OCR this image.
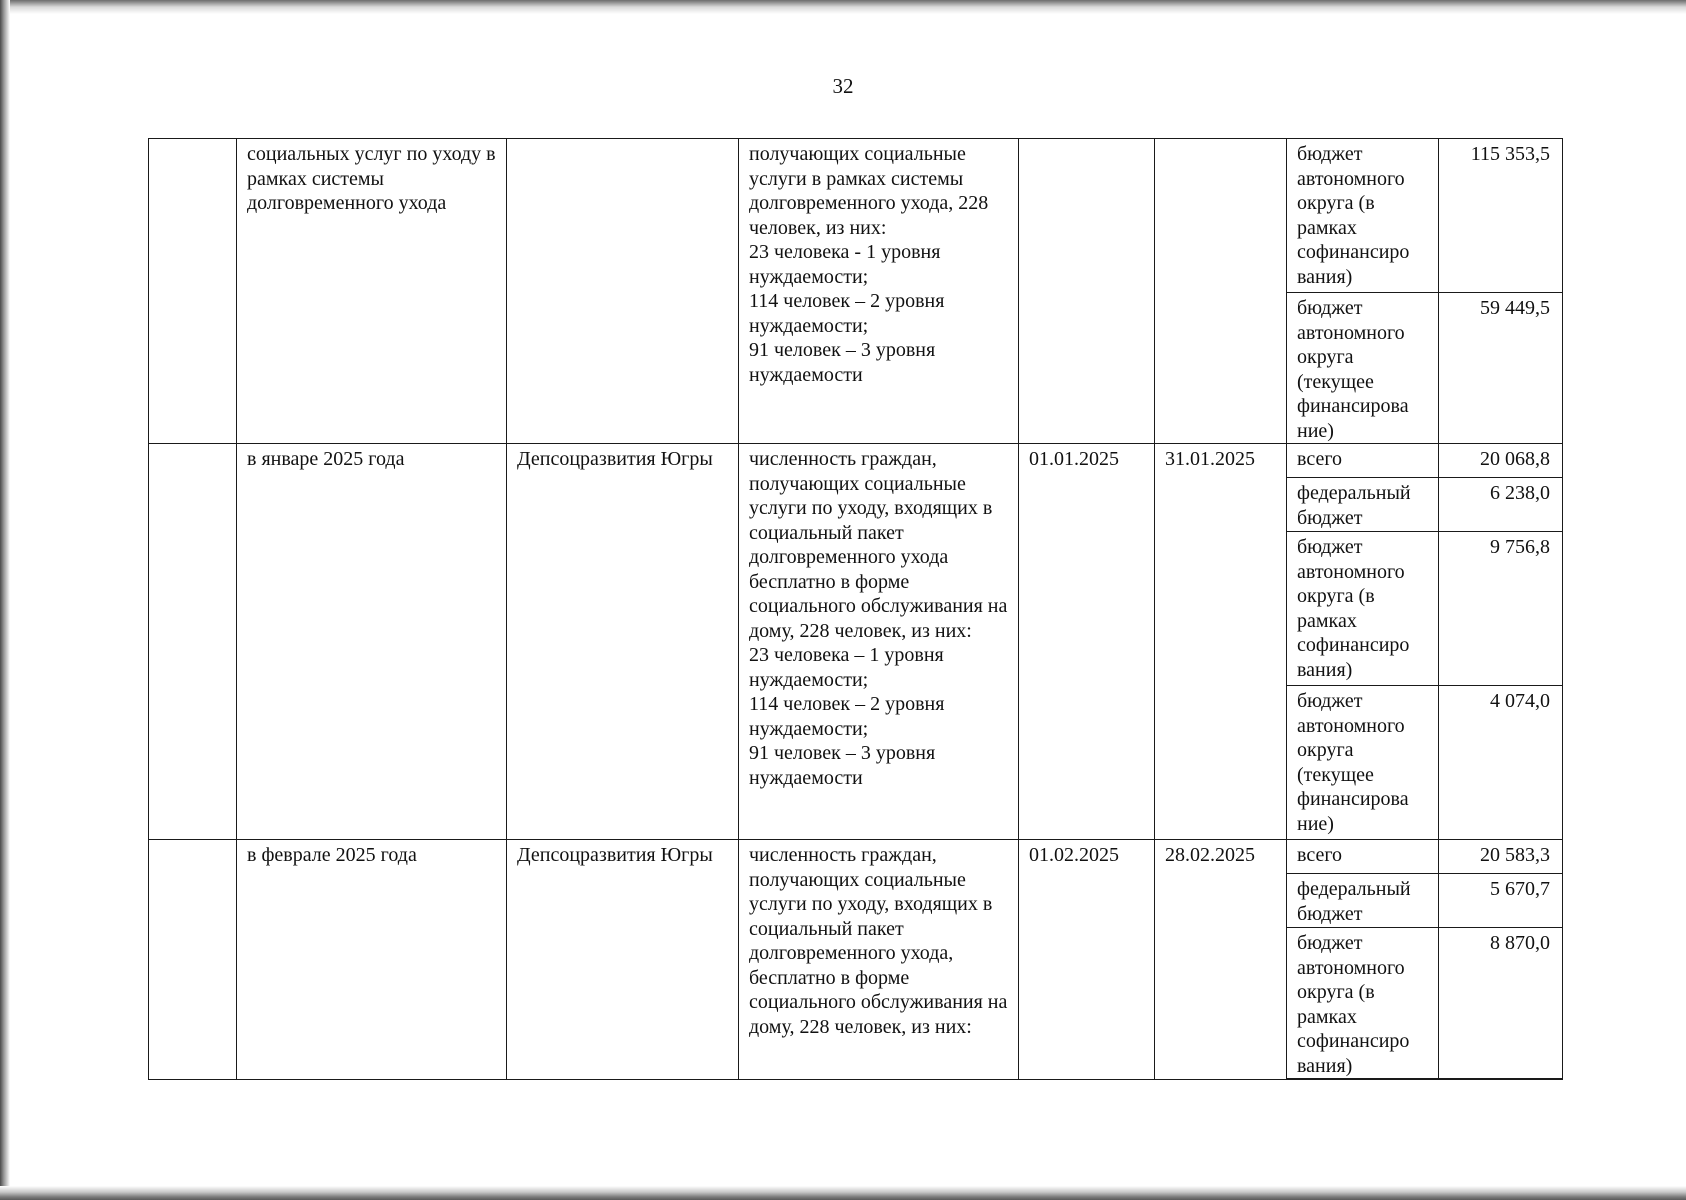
32

	социальных услуг по уходу в рамках системы долговременного ухода		получающих социальные услуги в рамках системы долговременного ухода, 228 человек, из них:
23 человека - 1 уровня нуждаемости;
114 человек – 2 уровня нуждаемости;
91 человек – 3 уровня нуждаемости			бюджет автономного округа (в рамках софинансиро вания)	115 353,5

						бюджет автономного округа (текущее финансирова ние)	59 449,5

	в январе 2025 года	Депсоцразвития Югры	численность граждан, получающих социальные услуги по уходу, входящих в социальный пакет долговременного ухода бесплатно в форме социального обслуживания на дому, 228 человек, из них:
23 человека – 1 уровня нуждаемости;
114 человек – 2 уровня нуждаемости;
91 человек – 3 уровня нуждаемости	01.01.2025	31.01.2025	всего	20 068,8

						федеральный бюджет	6 238,0

						бюджет автономного округа (в рамках софинансиро вания)	9 756,8

						бюджет автономного округа (текущее финансирова ние)	4 074,0

	в феврале 2025 года	Депсоцразвития Югры	численность граждан, получающих социальные услуги по уходу, входящих в социальный пакет долговременного ухода, бесплатно в форме социального обслуживания на дому, 228 человек, из них:	01.02.2025	28.02.2025	всего	20 583,3

						федеральный бюджет	5 670,7

						бюджет автономного округа (в рамках софинансиро вания)	8 870,0
